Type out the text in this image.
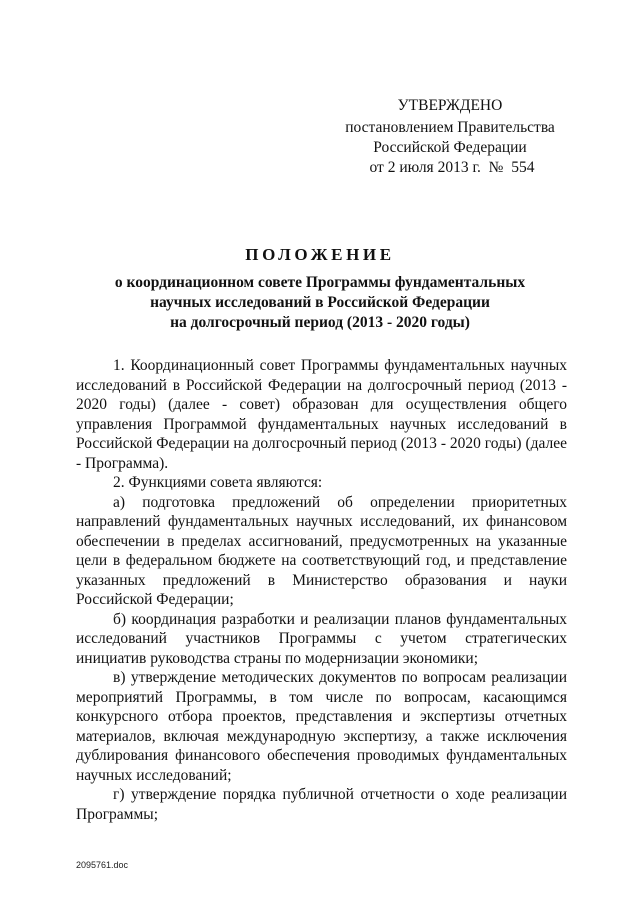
УТВЕРЖДЕНО
постановлением Правительства
Российской Федерации
от 2 июля 2013 г.  №  554
ПОЛОЖЕНИЕ
о координационном совете Программы фундаментальных
научных исследований в Российской Федерации
на долгосрочный период (2013 - 2020 годы)

1. Координационный совет Программы фундаментальных научных исследований в Российской Федерации на долгосрочный период (2013 - 2020 годы) (далее - совет) образован для осуществления общего управления Программой фундаментальных научных исследований в Российской Федерации на долгосрочный период (2013 - 2020 годы) (далее - Программа).

2. Функциями совета являются:

а) подготовка предложений об определении приоритетных направлений фундаментальных научных исследований, их финансовом обеспечении в пределах ассигнований, предусмотренных на указанные цели в федеральном бюджете на соответствующий год, и представление указанных предложений в Министерство образования и науки Российской Федерации;

б) координация разработки и реализации планов фундаментальных исследований участников Программы с учетом стратегических инициатив руководства страны по модернизации экономики;

в) утверждение методических документов по вопросам реализации мероприятий Программы, в том числе по вопросам, касающимся конкурсного отбора проектов, представления и экспертизы отчетных материалов, включая международную экспертизу, а также исключения дублирования финансового обеспечения проводимых фундаментальных научных исследований;

г) утверждение порядка публичной отчетности о ходе реализации Программы;

2095761.doc
